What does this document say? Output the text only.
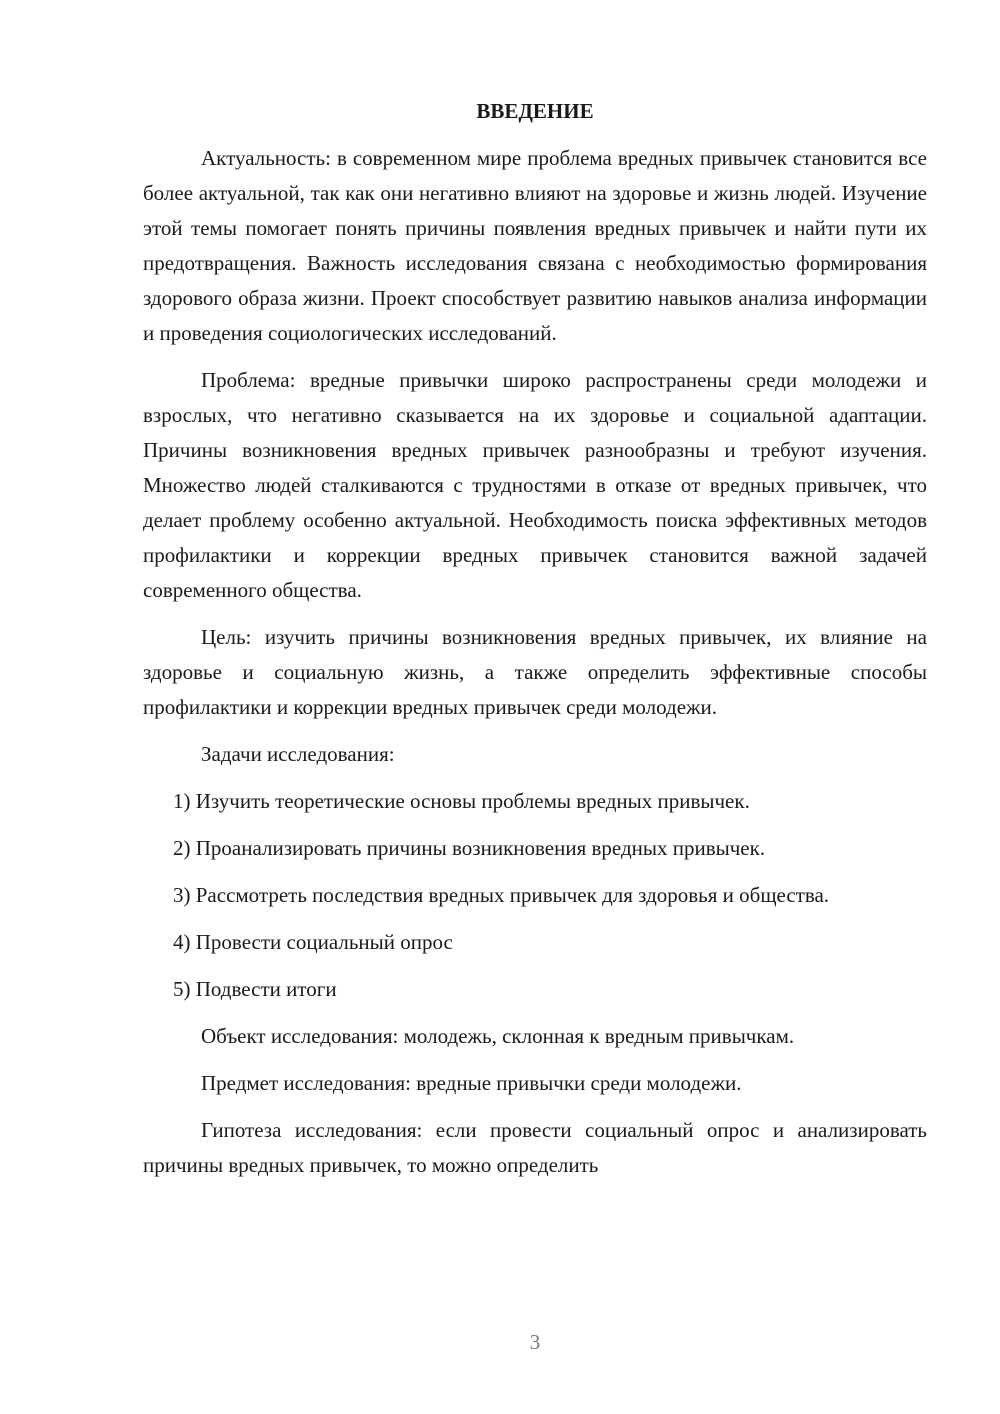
ВВЕДЕНИЕ

Актуальность: в современном мире проблема вредных привычек становится все более актуальной, так как они негативно влияют на здоровье и жизнь людей. Изучение этой темы помогает понять причины появления вредных привычек и найти пути их предотвращения. Важность исследования связана с необходимостью формирования здорового образа жизни. Проект способствует развитию навыков анализа информации и проведения социологических исследований.

Проблема: вредные привычки широко распространены среди молодежи и взрослых, что негативно сказывается на их здоровье и социальной адаптации. Причины возникновения вредных привычек разнообразны и требуют изучения. Множество людей сталкиваются с трудностями в отказе от вредных привычек, что делает проблему особенно актуальной. Необходимость поиска эффективных методов профилактики и коррекции вредных привычек становится важной задачей современного общества.

Цель: изучить причины возникновения вредных привычек, их влияние на здоровье и социальную жизнь, а также определить эффективные способы профилактики и коррекции вредных привычек среди молодежи.

Задачи исследования:

1) Изучить теоретические основы проблемы вредных привычек.

2) Проанализировать причины возникновения вредных привычек.

3) Рассмотреть последствия вредных привычек для здоровья и общества.

4) Провести социальный опрос

5) Подвести итоги

Объект исследования: молодежь, склонная к вредным привычкам.

Предмет исследования: вредные привычки среди молодежи.

Гипотеза исследования: если провести социальный опрос и анализировать причины вредных привычек, то можно определить

3
